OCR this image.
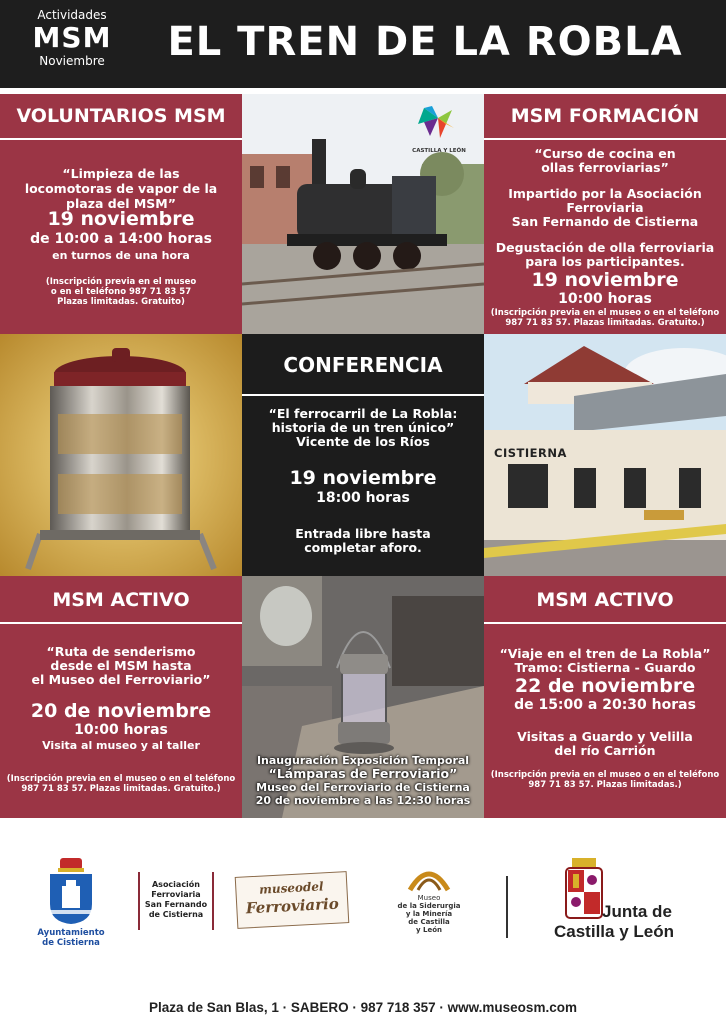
Actividades
MSM
Noviembre	EL TREN DE LA ROBLA
VOLUNTARIOS MSM
“Limpieza de las locomotoras de vapor de la plaza del MSM”
19 noviembre
de 10:00 a 14:00 horas
en turnos de una hora
(Inscripción previa en el museo
o en el teléfono 987 71 83 57
Plazas limitadas. Gratuito)
CASTILLA Y LEÓN
MSM FORMACIÓN
“Curso de cocina en
ollas ferroviarias”
Impartido por la Asociación
Ferroviaria
San Fernando de Cistierna
Degustación de olla ferroviaria
para los participantes.
19 noviembre
10:00 horas
(Inscripción previa en el museo o en el teléfono
987 71 83 57. Plazas limitadas. Gratuito.)
CONFERENCIA
“El ferrocarril de La Robla:
historia de un tren único”
Vicente de los Ríos
19 noviembre
18:00 horas
Entrada libre hasta
completar aforo.
CISTIERNA
MSM ACTIVO
“Ruta de senderismo
desde el MSM hasta
el Museo del Ferroviario”
20 de noviembre
10:00 horas
Visita al museo y al taller
(Inscripción previa en el museo o en el teléfono
987 71 83 57. Plazas limitadas. Gratuito.)
Inauguración Exposición Temporal
“Lámparas de Ferroviario”
Museo del Ferroviario de Cistierna
20 de noviembre a las 12:30 horas
MSM ACTIVO
“Viaje en el tren de La Robla”
Tramo: Cistierna - Guardo
22 de noviembre
de 15:00 a 20:30 horas
Visitas a Guardo y Velilla
del río Carrión
(Inscripción previa en el museo o en el teléfono
987 71 83 57. Plazas limitadas.)
Ayuntamiento
de Cistierna
Asociación
Ferroviaria
San Fernando
de Cistierna
museodel
Ferroviario	Museo
de la Siderurgia
y la Minería
de Castilla
y León
Junta de
Castilla y León
Plaza de San Blas, 1 · SABERO · 987 718 357 · www.museosm.com
